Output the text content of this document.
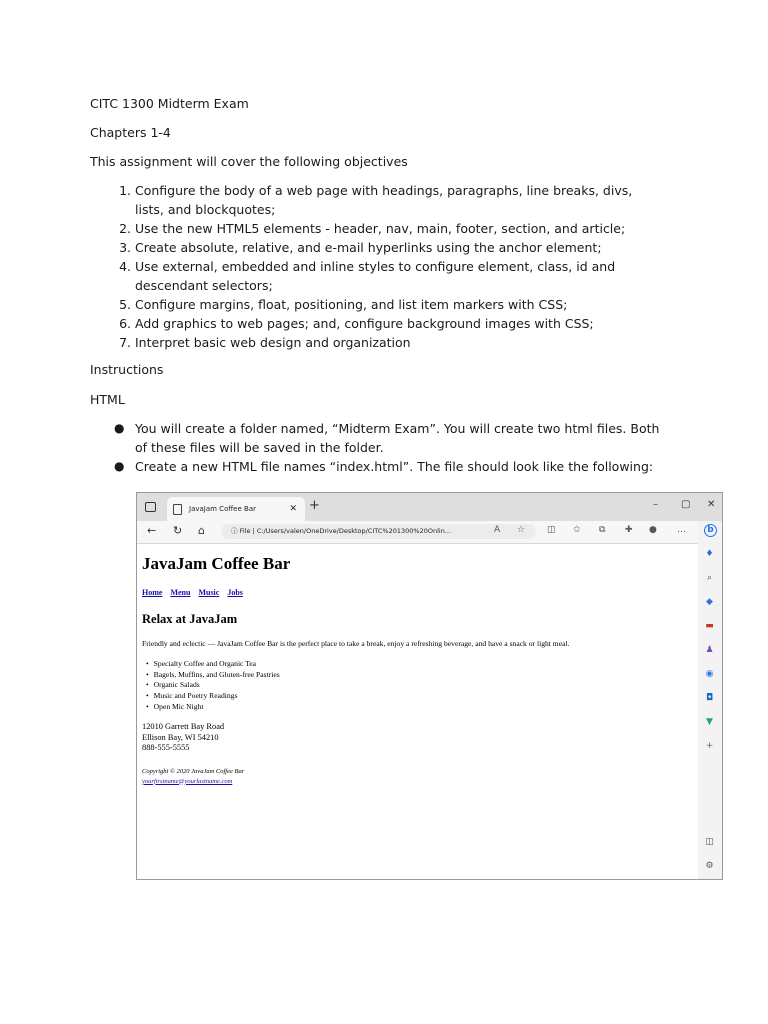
CITC 1300 Midterm Exam

Chapters 1-4

This assignment will cover the following objectives

1. Configure the body of a web page with headings, paragraphs, line breaks, divs, lists, and blockquotes;
2. Use the new HTML5 elements - header, nav, main, footer, section, and article;
3. Create absolute, relative, and e-mail hyperlinks using the anchor element;
4. Use external, embedded and inline styles to configure element, class, id and descendant selectors;
5. Configure margins, float, positioning, and list item markers with CSS;
6. Add graphics to web pages; and, configure background images with CSS;
7. Interpret basic web design and organization

Instructions

HTML

● You will create a folder named, “Midterm Exam”. You will create two html files. Both of these files will be saved in the folder.
● Create a new HTML file names “index.html”. The file should look like the following:
JavaJam Coffee Bar	✕ +	– ▢ ✕
← ↻ ⌂	ⓘ File | C:/Users/valen/OneDrive/Desktop/CITC%201300%20Onlin...	A ☆ ◫ ✩ ⧉ ✚ ● …
JavaJam Coffee Bar
Home Menu Music Jobs
Relax at JavaJam
Friendly and eclectic — JavaJam Coffee Bar is the perfect place to take a break, enjoy a refreshing beverage, and have a snack or light meal.
• Specialty Coffee and Organic Tea
• Bagels, Muffins, and Gluten-free Pastries
• Organic Salads
• Music and Poetry Readings
• Open Mic Night
12010 Garrett Bay Road
Ellison Bay, WI 54210
888-555-5555
Copyright © 2020 JavaJam Coffee Bar
yourfirstname@yourlastname.com
b
♦
⌕
◆
▬
♟
◉
◘
▼
+
◫
⚙
